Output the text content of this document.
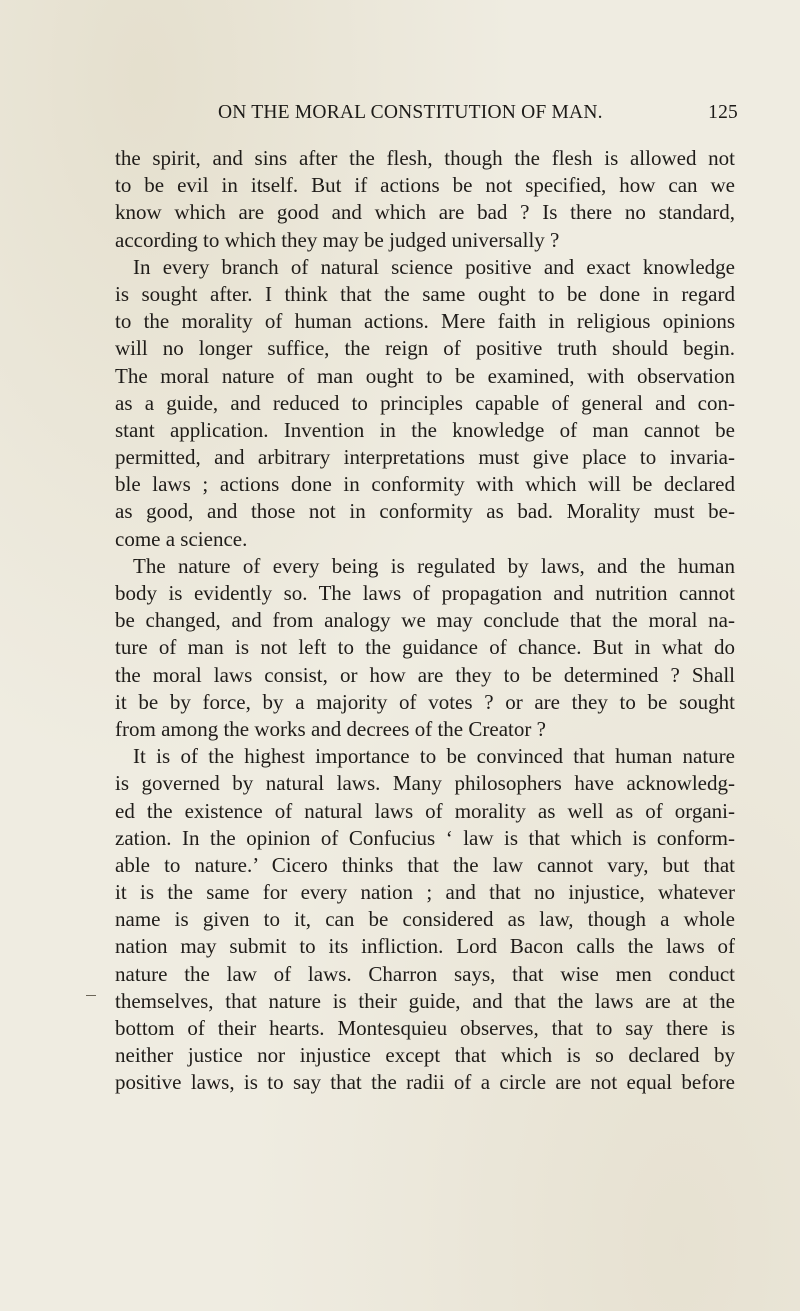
ON THE MORAL CONSTITUTION OF MAN.	125
the spirit, and sins after the flesh, though the flesh is allowed not
to be evil in itself. But if actions be not specified, how can we
know which are good and which are bad ? Is there no standard,
according to which they may be judged universally ?
In every branch of natural science positive and exact knowledge
is sought after. I think that the same ought to be done in regard
to the morality of human actions. Mere faith in religious opinions
will no longer suffice, the reign of positive truth should begin.
The moral nature of man ought to be examined, with observation
as a guide, and reduced to principles capable of general and con-
stant application. Invention in the knowledge of man cannot be
permitted, and arbitrary interpretations must give place to invaria-
ble laws ; actions done in conformity with which will be declared
as good, and those not in conformity as bad. Morality must be-
come a science.
The nature of every being is regulated by laws, and the human
body is evidently so. The laws of propagation and nutrition cannot
be changed, and from analogy we may conclude that the moral na-
ture of man is not left to the guidance of chance. But in what do
the moral laws consist, or how are they to be determined ? Shall
it be by force, by a majority of votes ? or are they to be sought
from among the works and decrees of the Creator ?
It is of the highest importance to be convinced that human nature
is governed by natural laws. Many philosophers have acknowledg-
ed the existence of natural laws of morality as well as of organi-
zation. In the opinion of Confucius ‘ law is that which is conform-
able to nature.’ Cicero thinks that the law cannot vary, but that
it is the same for every nation ; and that no injustice, whatever
name is given to it, can be considered as law, though a whole
nation may submit to its infliction. Lord Bacon calls the laws of
nature the law of laws. Charron says, that wise men conduct
themselves, that nature is their guide, and that the laws are at the
bottom of their hearts. Montesquieu observes, that to say there is
neither justice nor injustice except that which is so declared by
positive laws, is to say that the radii of a circle are not equal before
